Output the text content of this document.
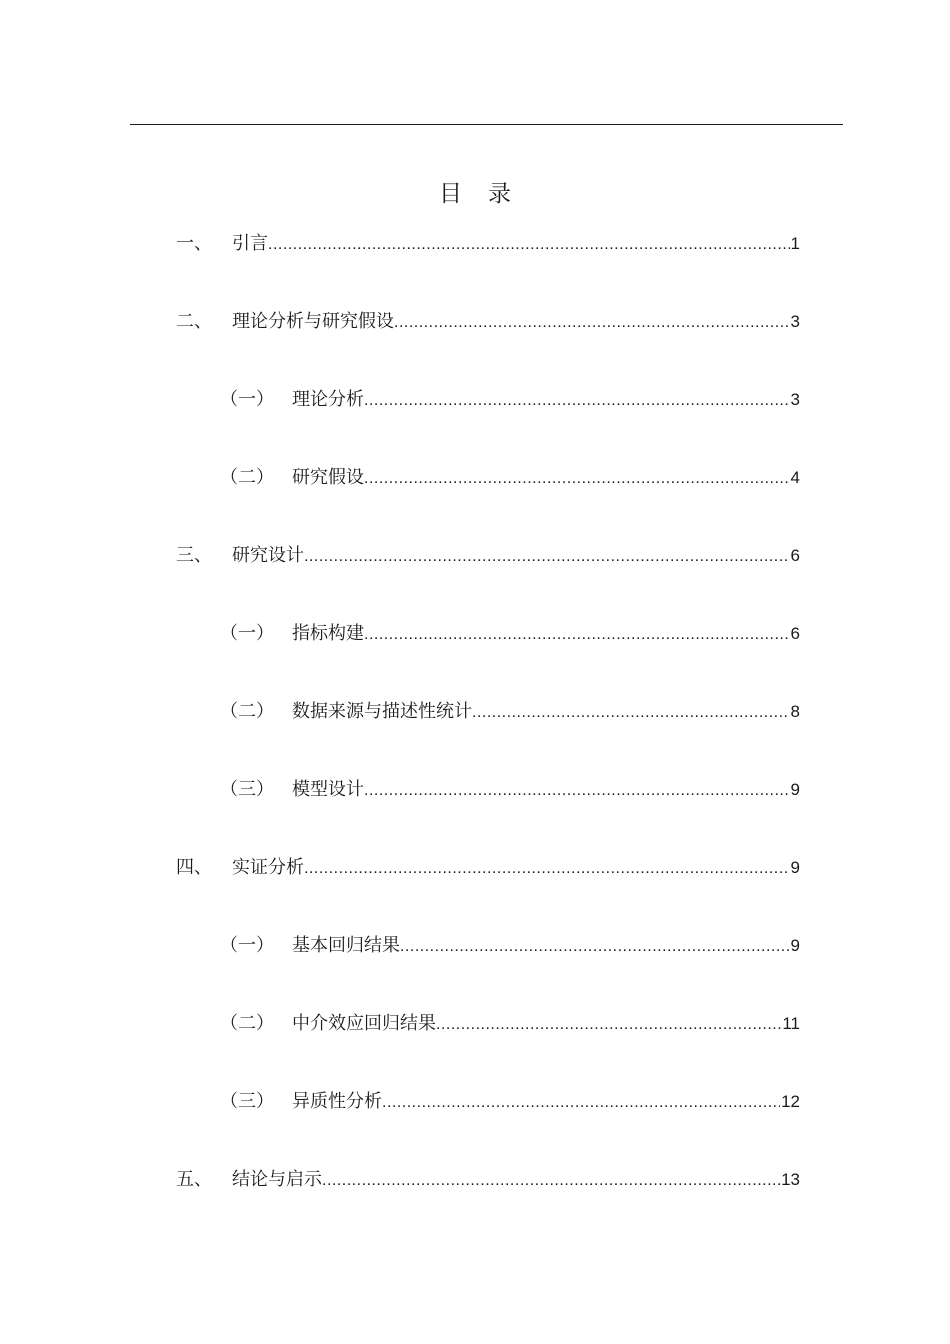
目 录
一、	引言 .....	1
二、	理论分析与研究假设 .....	3
（一）	理论分析 .....	3
（二）	研究假设 .....	4
三、	研究设计 .....	6
（一）	指标构建 .....	6
（二）	数据来源与描述性统计 .....	8
（三）	模型设计 .....	9
四、	实证分析 .....	9
（一）	基本回归结果 .....	9
（二）	中介效应回归结果 .....	11
（三）	异质性分析 .....	12
五、	结论与启示 .....	13
